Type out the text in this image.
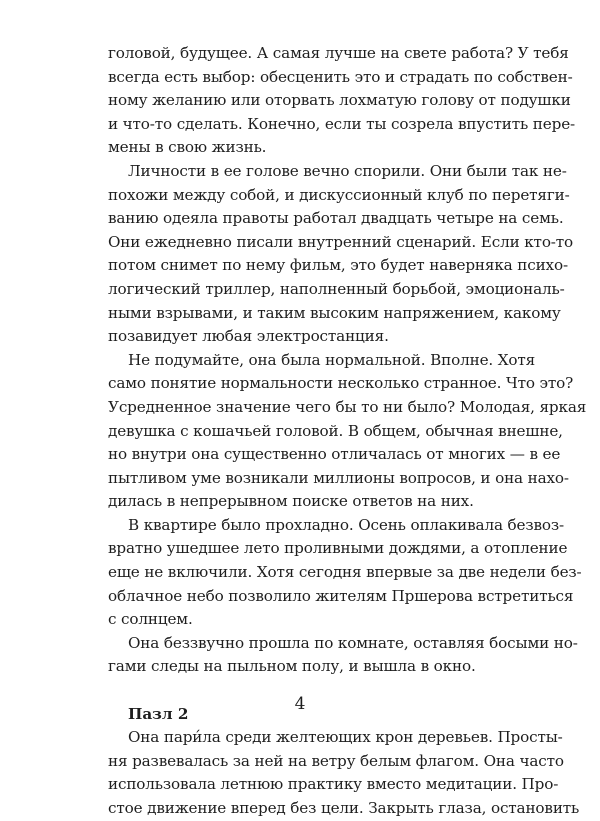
головой, будущее. А самая лучше на свете работа? У тебя
всегда есть выбор: обесценить это и страдать по собствен-
ному желанию или оторвать лохматую голову от подушки
и что-то сделать. Конечно, если ты созрела впустить пере-
мены в свою жизнь.
Личности в ее голове вечно спорили. Они были так не-
похожи между собой, и дискуссионный клуб по перетяги-
ванию одеяла правоты работал двадцать четыре на семь.
Они ежедневно писали внутренний сценарий. Если кто-то
потом снимет по нему фильм, это будет наверняка психо-
логический триллер, наполненный борьбой, эмоциональ-
ными взрывами, и таким высоким напряжением, какому
позавидует любая электростанция.
Не подумайте, она была нормальной. Вполне. Хотя
само понятие нормальности несколько странное. Что это?
Усредненное значение чего бы то ни было? Молодая, яркая
девушка с кошачьей головой. В общем, обычная внешне,
но внутри она существенно отличалась от многих — в ее
пытливом уме возникали миллионы вопросов, и она нахо-
дилась в непрерывном поиске ответов на них.
В квартире было прохладно. Осень оплакивала безвоз-
вратно ушедшее лето проливными дождями, а отопление
еще не включили. Хотя сегодня впервые за две недели без-
облачное небо позволило жителям Пршерова встретиться
с солнцем.
Она беззвучно прошла по комнате, оставляя босыми но-
гами следы на пыльном полу, и вышла в окно.
Пазл 2
Она пари́ла среди желтеющих крон деревьев. Просты-
ня развевалась за ней на ветру белым флагом. Она часто
использовала летнюю практику вместо медитации. Про-
стое движение вперед без цели. Закрыть глаза, остановить
4
